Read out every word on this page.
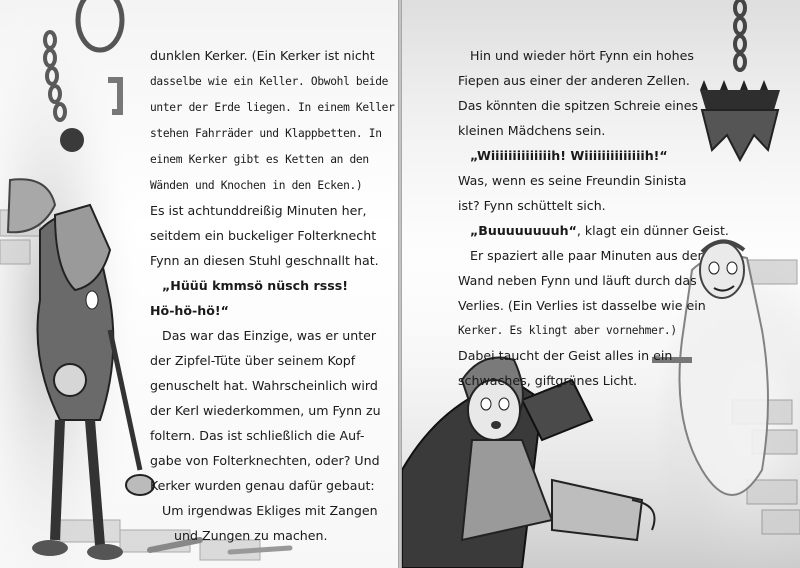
dunklen Kerker. (Ein Kerker ist nicht
dasselbe wie ein Keller. Obwohl beide
unter der Erde liegen. In einem Keller
stehen Fahrräder und Klappbetten. In
einem Kerker gibt es Ketten an den
Wänden und Knochen in den Ecken.)
Es ist achtunddreißig Minuten her,
seitdem ein buckeliger Folterknecht
Fynn an diesen Stuhl geschnallt hat.
„Hüüü kmmsö nüsch rsss!
Hö-hö-hö!“
Das war das Einzige, was er unter
der Zipfel-Tüte über seinem Kopf
genuschelt hat. Wahrscheinlich wird
der Kerl wiederkommen, um Fynn zu
foltern. Das ist schließlich die Auf-
gabe von Folterknechten, oder? Und
Kerker wurden genau dafür gebaut:
Um irgendwas Ekliges mit Zangen
und Zungen zu machen.
Hin und wieder hört Fynn ein hohes
Fiepen aus einer der anderen Zellen.
Das könnten die spitzen Schreie eines
kleinen Mädchens sein.
„Wiiiiiiiiiiiiiih! Wiiiiiiiiiiiiiih!“
Was, wenn es seine Freundin Sinista
ist? Fynn schüttelt sich.
„Buuuuuuuuh“, klagt ein dünner Geist.
Er spaziert alle paar Minuten aus der
Wand neben Fynn und läuft durch das
Verlies. (Ein Verlies ist dasselbe wie ein
Kerker. Es klingt aber vornehmer.)
Dabei taucht der Geist alles in ein
schwaches, giftgrünes Licht.
